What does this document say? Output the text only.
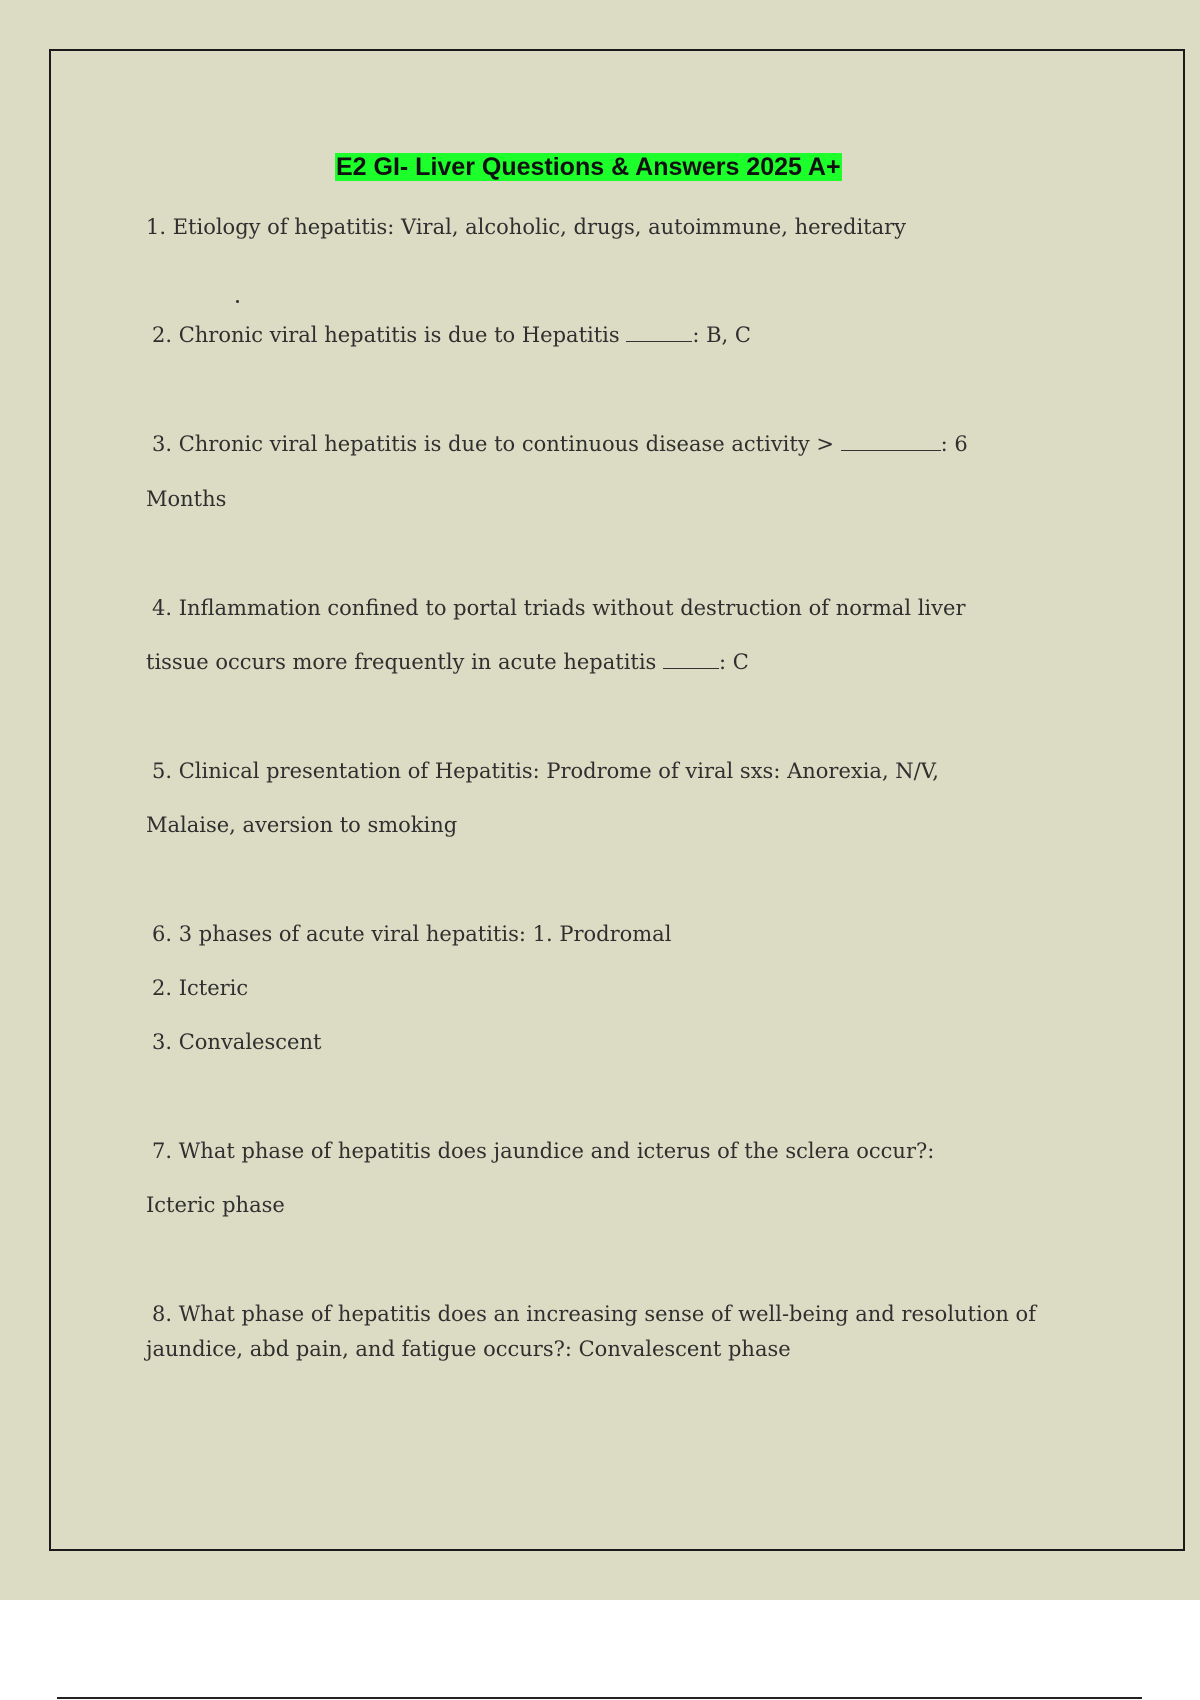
E2 GI- Liver Questions & Answers 2025 A+
1. Etiology of hepatitis: Viral, alcoholic, drugs, autoimmune, hereditary
2. Chronic viral hepatitis is due to Hepatitis	: B, C
3. Chronic viral hepatitis is due to continuous disease activity >	: 6
Months
4. Inflammation confined to portal triads without destruction of normal liver
tissue occurs more frequently in acute hepatitis	: C
5. Clinical presentation of Hepatitis: Prodrome of viral sxs: Anorexia, N/V,
Malaise, aversion to smoking
6. 3 phases of acute viral hepatitis: 1. Prodromal
2. Icteric
3. Convalescent
7. What phase of hepatitis does jaundice and icterus of the sclera occur?:
Icteric phase
8. What phase of hepatitis does an increasing sense of well-being and resolution of
jaundice, abd pain, and fatigue occurs?: Convalescent phase
